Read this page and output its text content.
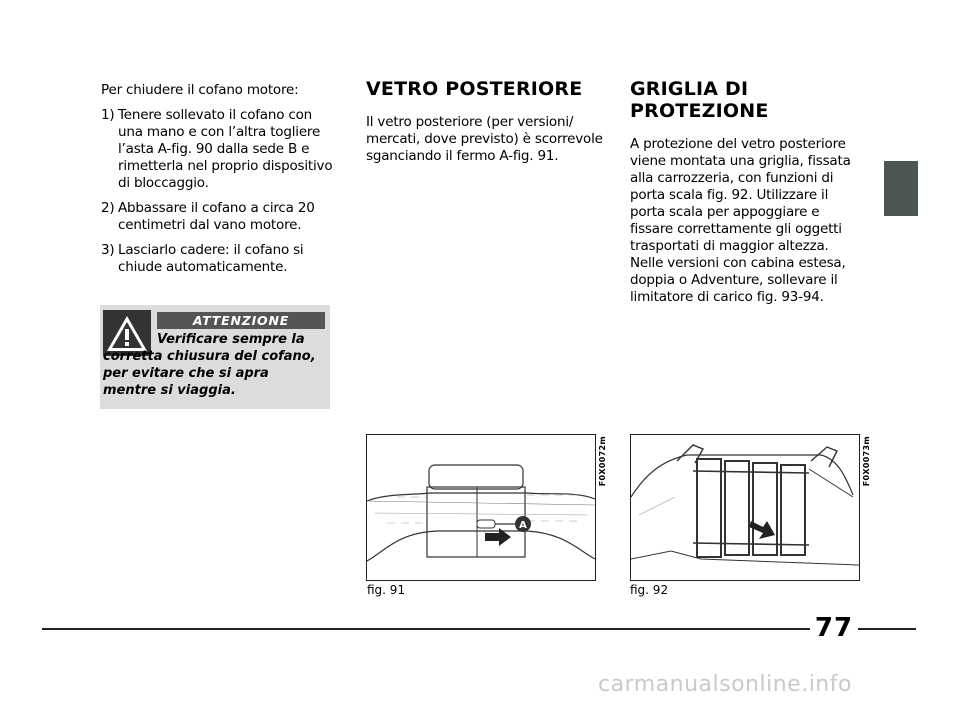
Per chiudere il cofano motore:

1) Tenere sollevato il cofano con una mano e con l’altra togliere l’asta A-fig. 90 dalla sede B e rimetterla nel proprio dispositivo di bloccaggio.
2) Abbassare il cofano a circa 20 centimetri dal vano motore.
3) Lasciarlo cadere: il cofano si chiude automaticamente.
ATTENZIONE
Verificare sempre la corretta chiusura del cofano, per evitare che si apra mentre si viaggia.
VETRO POSTERIORE

Il vetro posteriore (per versioni/ mercati, dove previsto) è scorrevole sganciando il fermo A-fig. 91.

GRIGLIA DI
PROTEZIONE

A protezione del vetro posteriore viene montata una griglia, fissata alla carrozzeria, con funzioni di porta scala fig. 92. Utilizzare il porta scala per appoggiare e fissare correttamente gli oggetti trasportati di maggior altezza. Nelle versioni con cabina estesa, doppia o Adventure, sollevare il limitatore di carico fig. 93-94.

A
F0X0072m
fig. 91
F0X0073m
fig. 92
77
carmanualsonline.info
